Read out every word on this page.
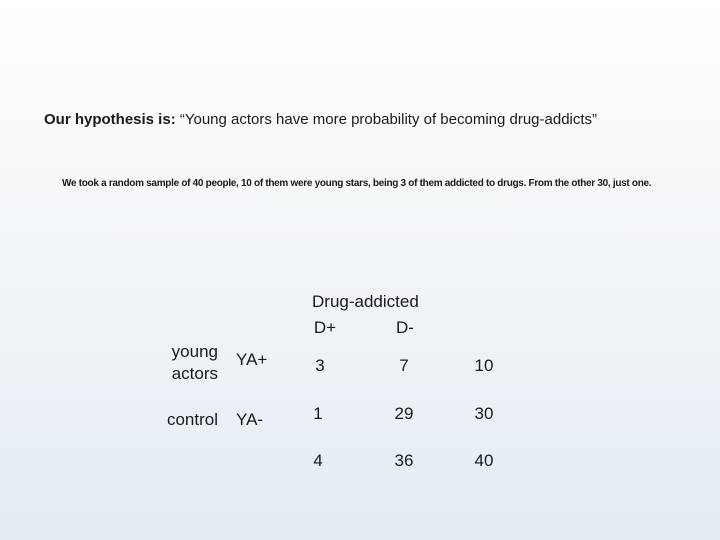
Our hypothesis is: “Young actors have more probability of becoming drug-addicts”
We took a random sample of 40 people, 10 of them were young stars, being 3 of them addicted to drugs. From the other 30, just one.
Drug-addicted
D+	D-
young
actors
YA+	3	7	10
control YA-	1	29	30
4	36	40
